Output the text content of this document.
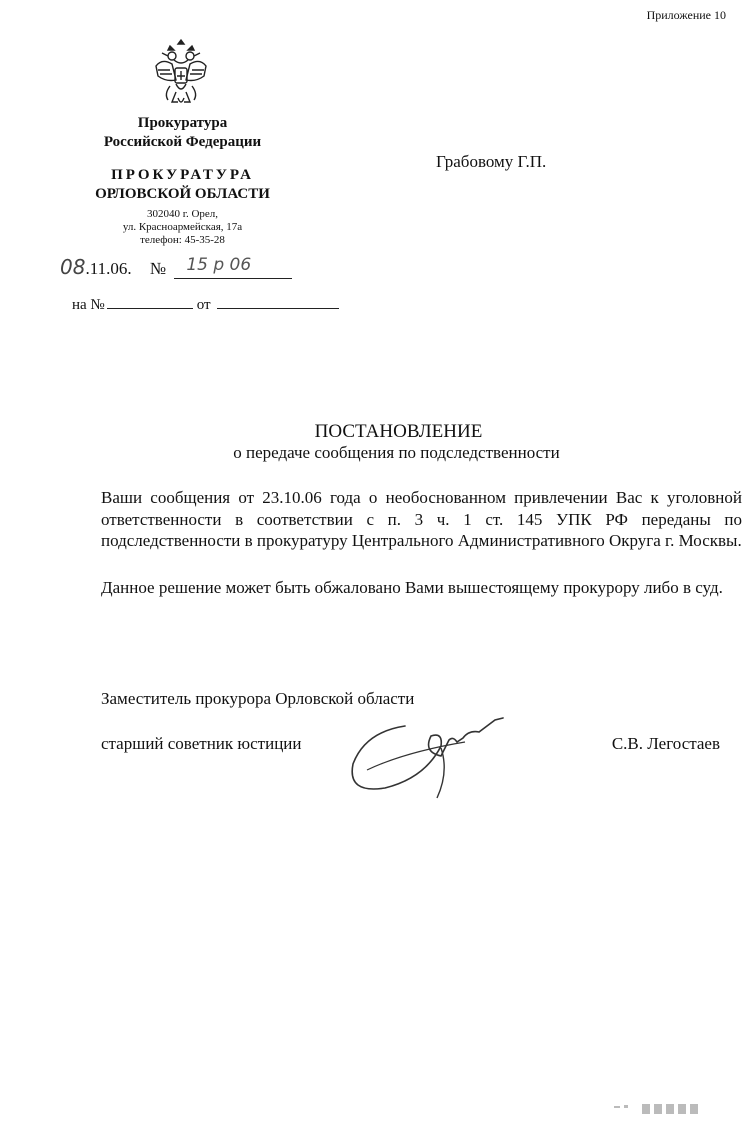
Приложение 10
Прокуратура
Российской Федерации
ПРОКУРАТУРА
ОРЛОВСКОЙ ОБЛАСТИ
302040 г. Орел,
ул. Красноармейская, 17а
телефон: 45-35-28
Грабовому Г.П.
08.11.06. № 15 р 06
на №	от
ПОСТАНОВЛЕНИЕ
о передаче сообщения по подследственности

Ваши сообщения от 23.10.06 года о необоснованном привлечении Вас к уголовной ответственности в соответствии с п. 3 ч. 1 ст. 145 УПК РФ переданы по подследственности в прокуратуру Центрального Административного Округа г. Москвы.

Данное решение может быть обжаловано Вами вышестоящему прокурору либо в суд.

Заместитель прокурора Орловской области
старший советник юстиции	С.В. Легостаев
